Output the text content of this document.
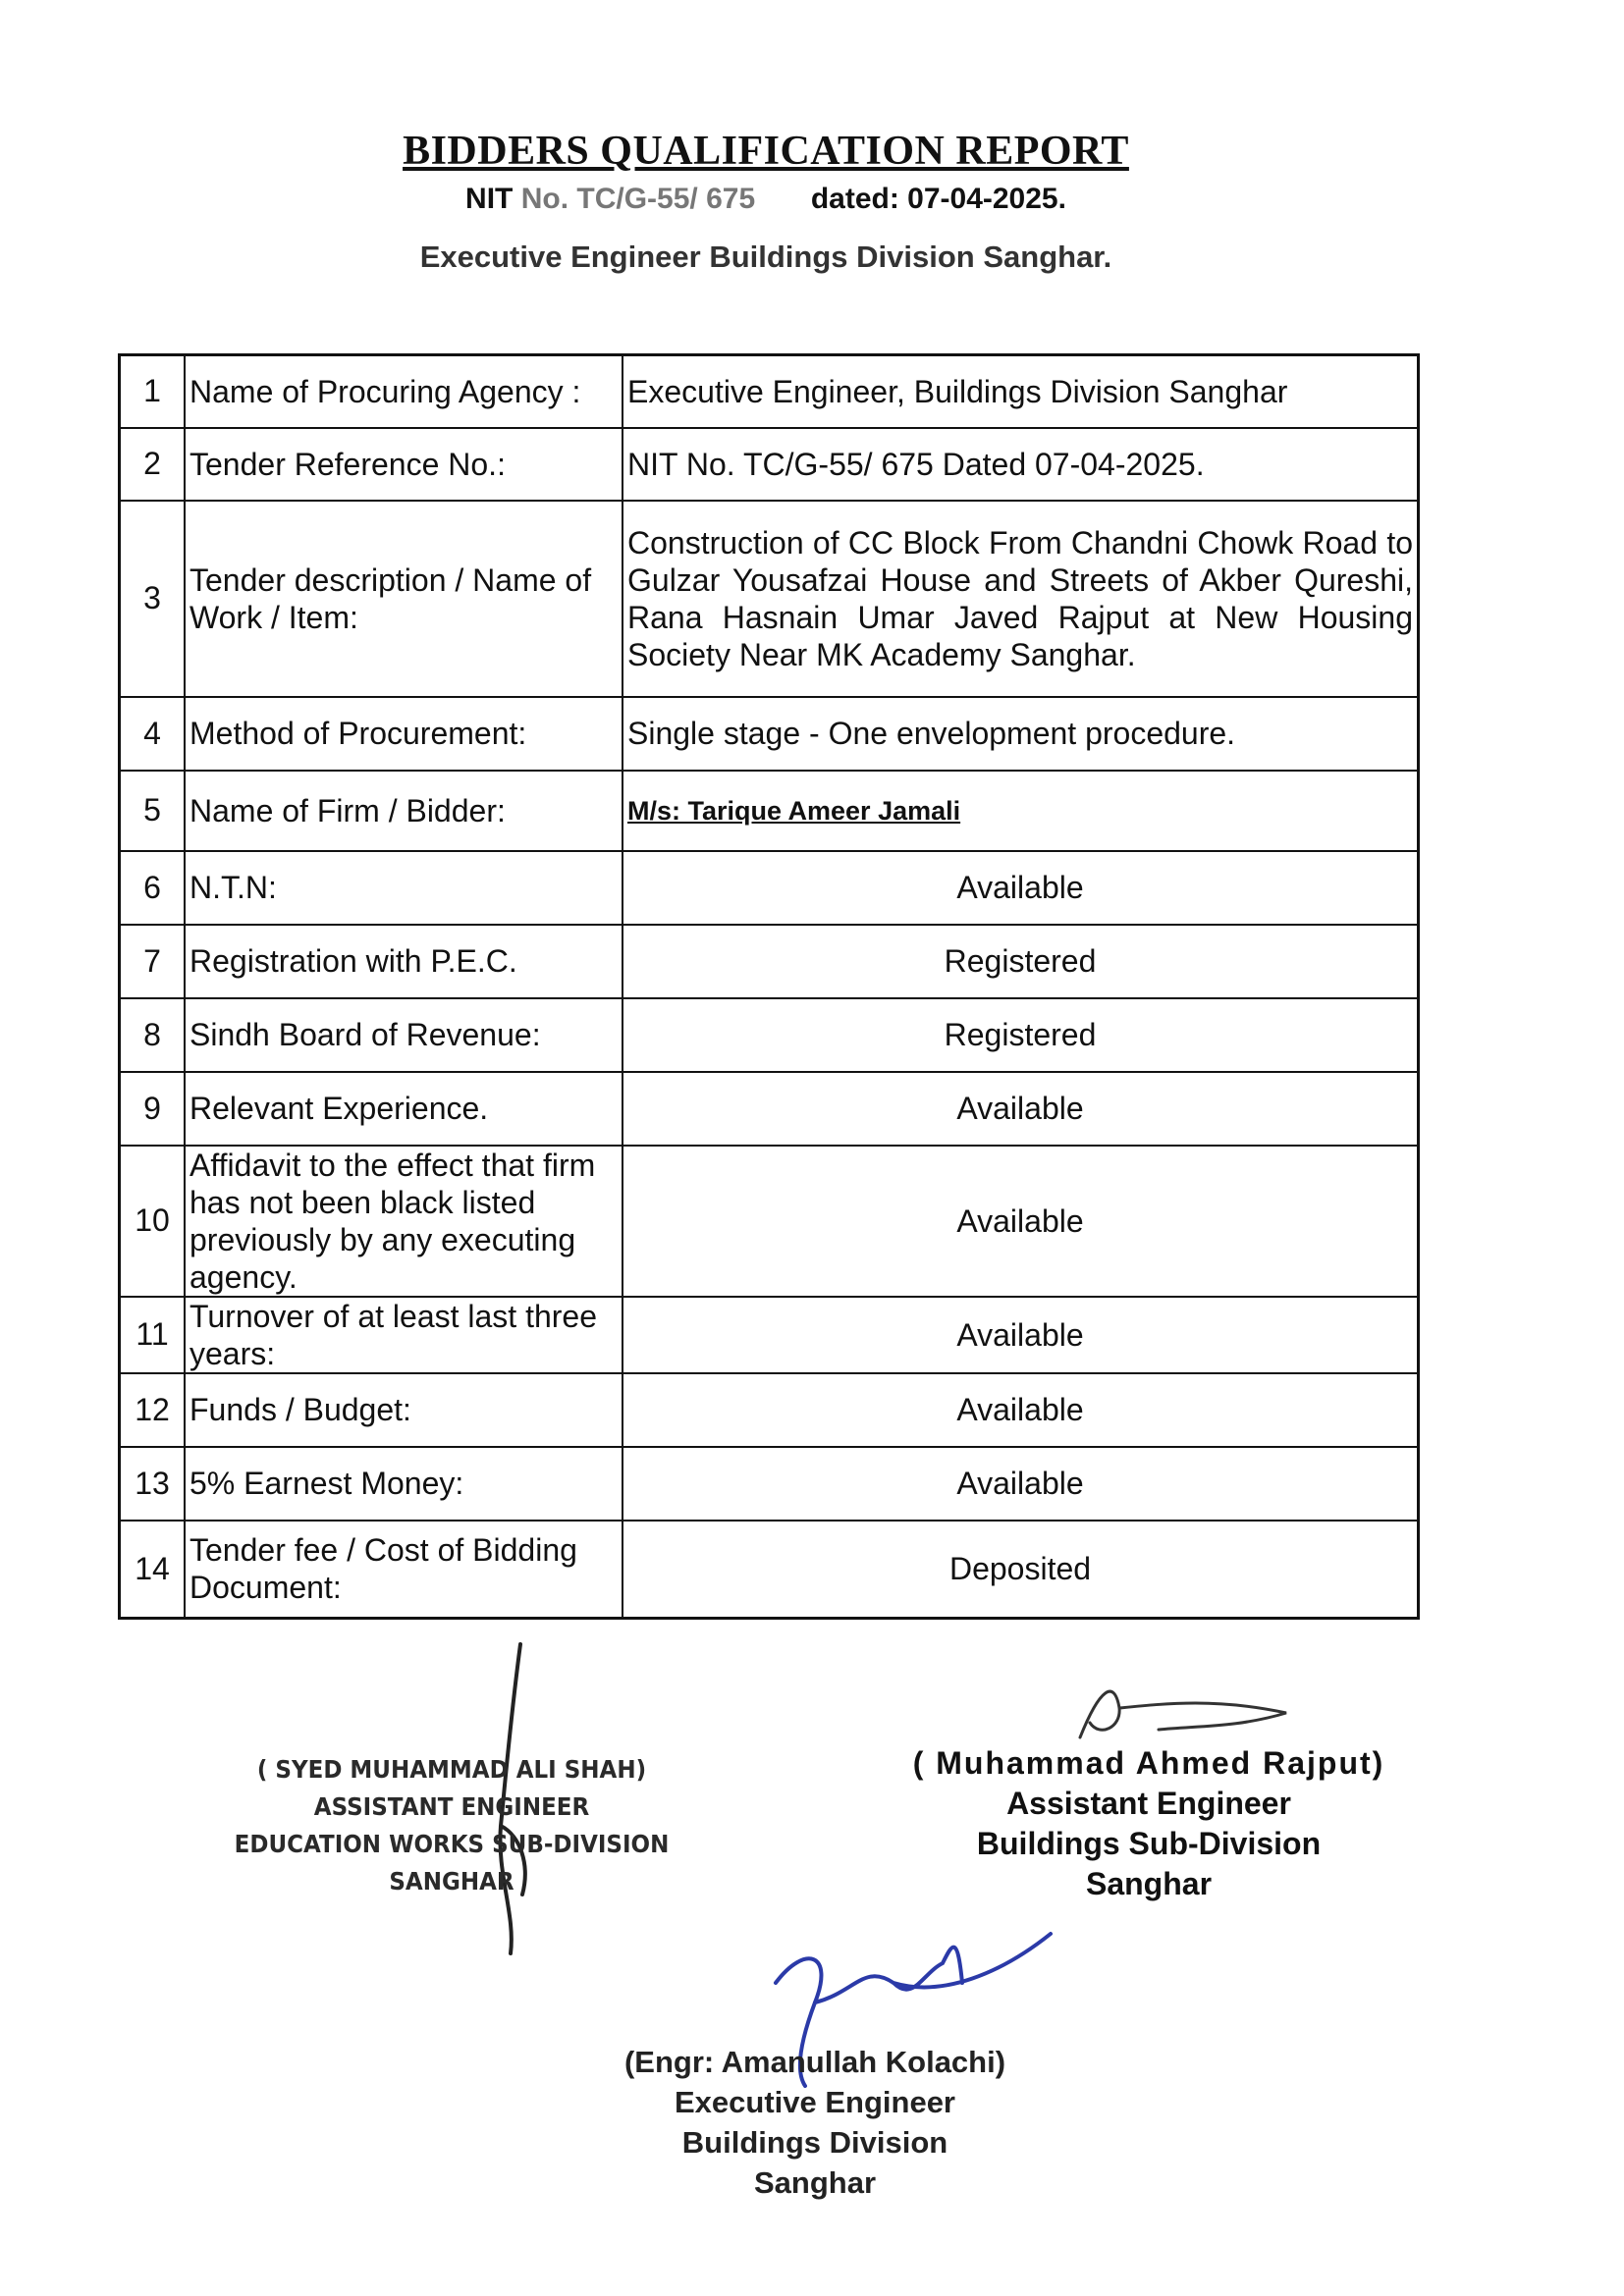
BIDDERS QUALIFICATION REPORT
NIT No. TC/G-55/ 675 dated: 07-04-2025.
Executive Engineer Buildings Division Sanghar.
1	Name of Procuring Agency :	Executive Engineer, Buildings Division Sanghar
2	Tender Reference No.:	NIT No. TC/G-55/ 675 Dated 07-04-2025.
3	Tender description / Name of Work / Item:	Construction of CC Block From Chandni Chowk Road to Gulzar Yousafzai House and Streets of Akber Qureshi, Rana Hasnain Umar Javed Rajput at New Housing Society Near MK Academy Sanghar.
4	Method of Procurement:	Single stage - One envelopment procedure.
5	Name of Firm / Bidder:	M/s: Tarique Ameer Jamali
6	N.T.N:	Available
7	Registration with P.E.C.	Registered
8	Sindh Board of Revenue:	Registered
9	Relevant Experience.	Available
10	Affidavit to the effect that firm has not been black listed previously by any executing agency.	Available
11	Turnover of at least last three years:	Available
12	Funds / Budget:	Available
13	5% Earnest Money:	Available
14	Tender fee / Cost of Bidding Document:	Deposited
( SYED MUHAMMAD ALI SHAH)
ASSISTANT ENGINEER
EDUCATION WORKS SUB-DIVISION
SANGHAR
( Muhammad Ahmed Rajput)
Assistant Engineer
Buildings Sub-Division
Sanghar
(Engr: Amanullah Kolachi)
Executive Engineer
Buildings Division
Sanghar
